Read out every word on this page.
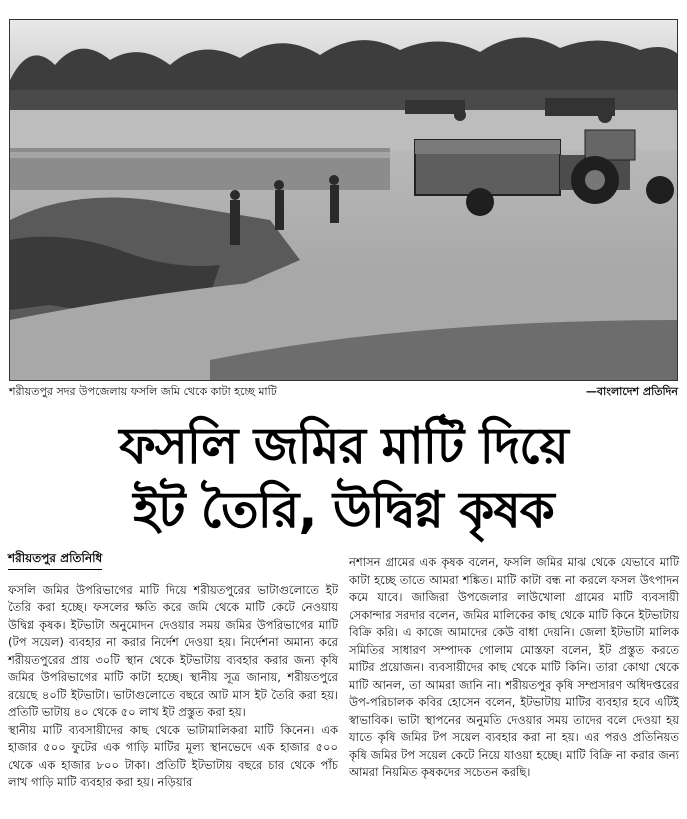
শরীয়তপুর সদর উপজেলায় ফসলি জমি থেকে কাটা হচ্ছে মাটি	—বাংলাদেশ প্রতিদিন
ফসলি জমির মাটি দিয়ে
ইট তৈরি, উদ্বিগ্ন কৃষক
শরীয়তপুর প্রতিনিধি

ফসলি জমির উপরিভাগের মাটি দিয়ে শরীয়তপুরের ভাটাগুলোতে ইট তৈরি করা হচ্ছে। ফসলের ক্ষতি করে জমি থেকে মাটি কেটে নেওয়ায় উদ্বিগ্ন কৃষক। ইটভাটা অনুমোদন দেওয়ার সময় জমির উপরিভাগের মাটি (টপ সয়েল) ব্যবহার না করার নির্দেশ দেওয়া হয়। নির্দেশনা অমান্য করে শরীয়তপুরের প্রায় ৩০টি স্থান থেকে ইটভাটায় ব্যবহার করার জন্য কৃষি জমির উপরিভাগের মাটি কাটা হচ্ছে। স্থানীয় সূত্র জানায়, শরীয়তপুরে রয়েছে ৪০টি ইটভাটা। ভাটাগুলোতে বছরে আট মাস ইট তৈরি করা হয়। প্রতিটি ভাটায় ৪০ থেকে ৫০ লাখ ইট প্রস্তুত করা হয়।

স্থানীয় মাটি ব্যবসায়ীদের কাছ থেকে ভাটামালিকরা মাটি কিনেন। এক হাজার ৫০০ ফুটের এক গাড়ি মাটির মূল্য স্থানভেদে এক হাজার ৫০০ থেকে এক হাজার ৮০০ টাকা। প্রতিটি ইটভাটায় বছরে চার থেকে পাঁচ লাখ গাড়ি মাটি ব্যবহার করা হয়। নড়িয়ার

নশাসন গ্রামের এক কৃষক বলেন, ফসলি জমির মাঝ থেকে যেভাবে মাটি কাটা হচ্ছে তাতে আমরা শঙ্কিত। মাটি কাটা বন্ধ না করলে ফসল উৎপাদন কমে যাবে। জাজিরা উপজেলার লাউখোলা গ্রামের মাটি ব্যবসায়ী সেকান্দার সরদার বলেন, জমির মালিকের কাছ থেকে মাটি কিনে ইটভাটায় বিক্রি করি। এ কাজে আমাদের কেউ বাধা দেয়নি। জেলা ইটভাটা মালিক সমিতির সাধারণ সম্পাদক গোলাম মোস্তফা বলেন, ইট প্রস্তুত করতে মাটির প্রয়োজন। ব্যবসায়ীদের কাছ থেকে মাটি কিনি। তারা কোথা থেকে মাটি আনল, তা আমরা জানি না। শরীয়তপুর কৃষি সম্প্রসারণ অধিদপ্তরের উপ-পরিচালক কবির হোসেন বলেন, ইটভাটায় মাটির ব্যবহার হবে এটিই স্বাভাবিক। ভাটা স্থাপনের অনুমতি দেওয়ার সময় তাদের বলে দেওয়া হয় যাতে কৃষি জমির টপ সয়েল ব্যবহার করা না হয়। এর পরও প্রতিনিয়ত কৃষি জমির টপ সয়েল কেটে নিয়ে যাওয়া হচ্ছে। মাটি বিক্রি না করার জন্য আমরা নিয়মিত কৃষকদের সচেতন করছি।
